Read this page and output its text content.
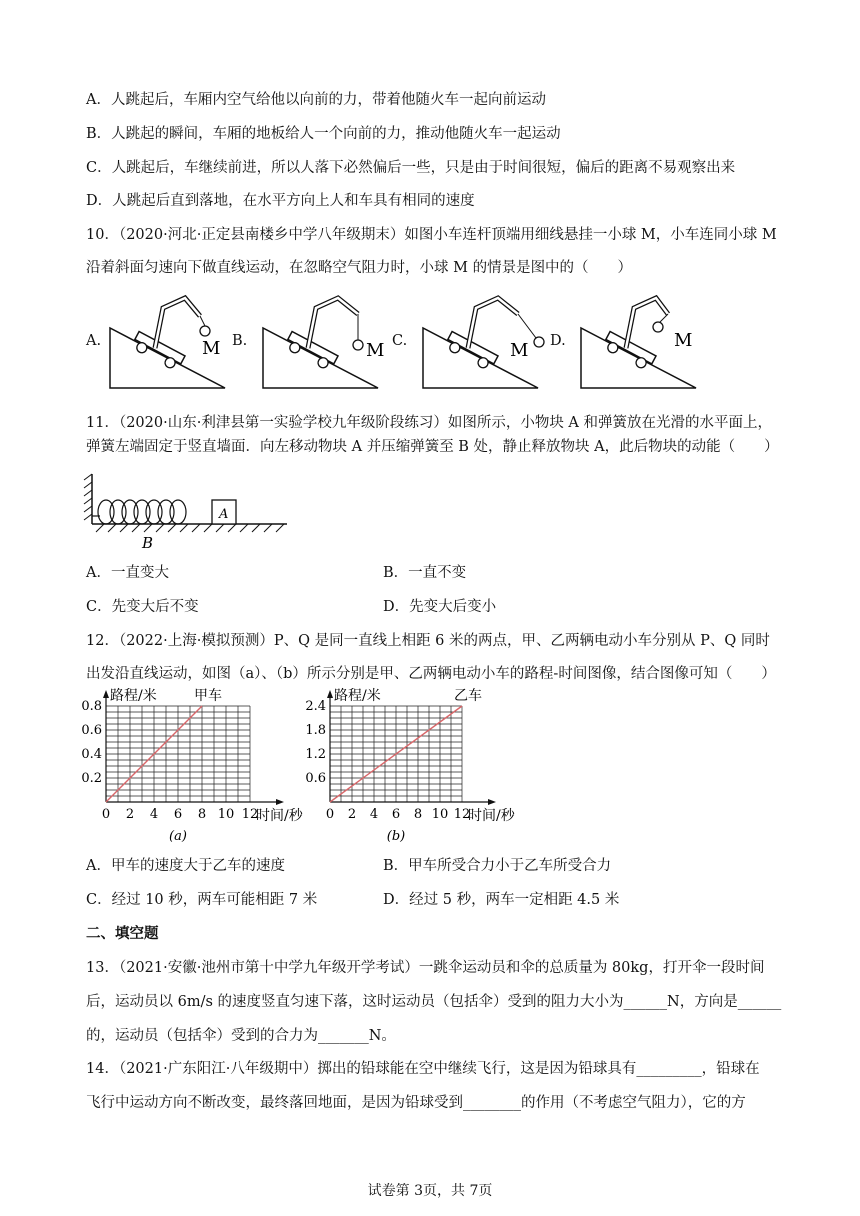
A．人跳起后，车厢内空气给他以向前的力，带着他随火车一起向前运动
B．人跳起的瞬间，车厢的地板给人一个向前的力，推动他随火车一起运动
C．人跳起后，车继续前进，所以人落下必然偏后一些，只是由于时间很短，偏后的距离不易观察出来
D．人跳起后直到落地，在水平方向上人和车具有相同的速度
10．（2020·河北·正定县南楼乡中学八年级期末）如图小车连杆顶端用细线悬挂一小球 M，小车连同小球 M
沿着斜面匀速向下做直线运动，在忽略空气阻力时，小球 M 的情景是图中的（　　）
A.	M B.	M C.	M D.	M
11．（2020·山东·利津县第一实验学校九年级阶段练习）如图所示，小物块 A 和弹簧放在光滑的水平面上，
弹簧左端固定于竖直墙面．向左移动物块 A 并压缩弹簧至 B 处，静止释放物块 A，此后物块的动能（　　）
A
B
A．一直变大	B．一直不变
C．先变大后不变	D．先变大后变小
12．（2022·上海·模拟预测）P、Q 是同一直线上相距 6 米的两点，甲、乙两辆电动小车分别从 P、Q 同时
出发沿直线运动，如图（a）、（b）所示分别是甲、乙两辆电动小车的路程-时间图像，结合图像可知（　　）
0 2 4 6 8 10 12
0.2
0.4
0.6
0.8
路程/米
时间/秒
甲车
(a)
0 2 4 6 8 10 12
0.6
1.2
1.8
2.4
路程/米
时间/秒
乙车
(b)
A．甲车的速度大于乙车的速度	B．甲车所受合力小于乙车所受合力
C．经过 10 秒，两车可能相距 7 米	D．经过 5 秒，两车一定相距 4.5 米
二、填空题
13．（2021·安徽·池州市第十中学九年级开学考试）一跳伞运动员和伞的总质量为 80kg，打开伞一段时间
后，运动员以 6m/s 的速度竖直匀速下落，这时运动员（包括伞）受到的阻力大小为______N，方向是______
的，运动员（包括伞）受到的合力为_______N。
14．（2021·广东阳江·八年级期中）掷出的铅球能在空中继续飞行，这是因为铅球具有_________，铅球在
飞行中运动方向不断改变，最终落回地面，是因为铅球受到________的作用（不考虑空气阻力），它的方
试卷第 3页，共 7页
